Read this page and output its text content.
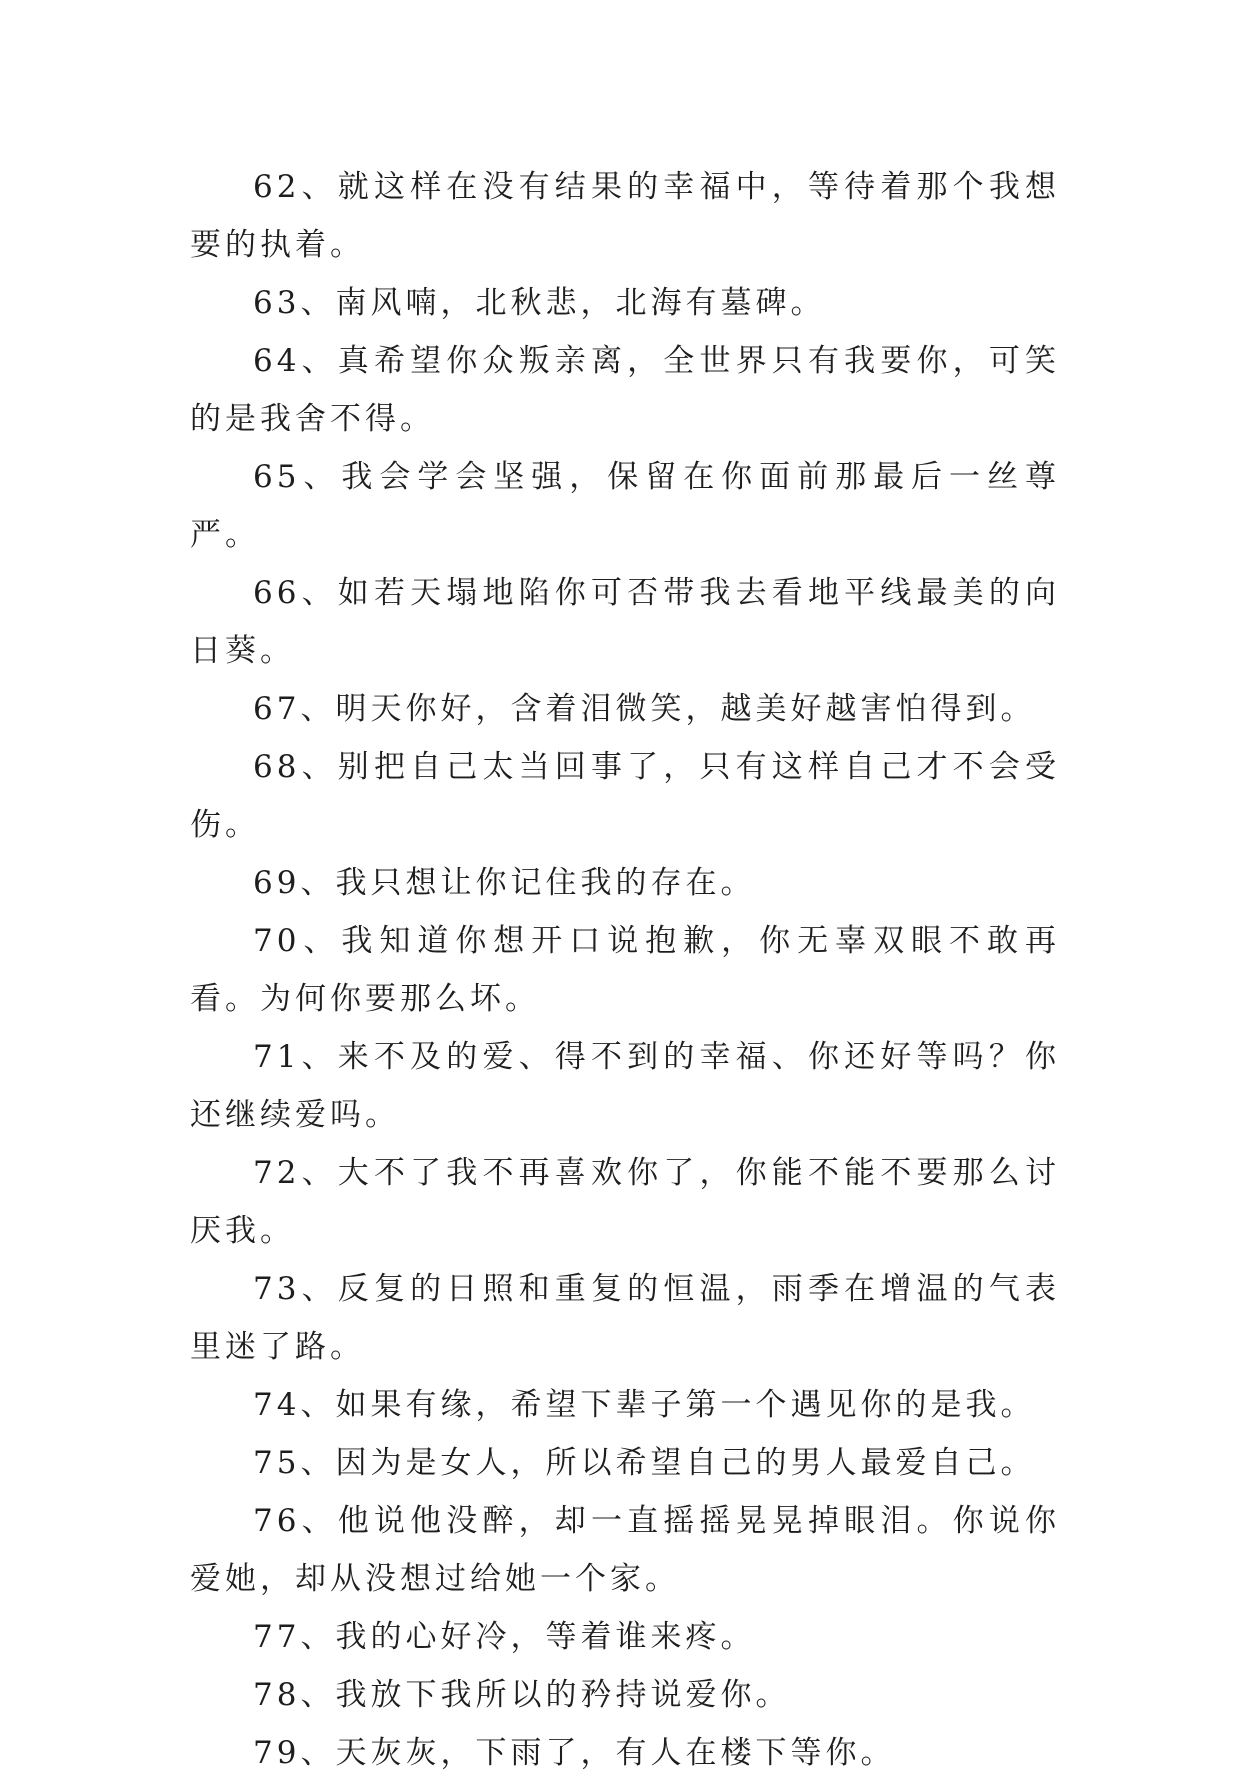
62、就这样在没有结果的幸福中，等待着那个我想要的执着。

63、南风喃，北秋悲，北海有墓碑。

64、真希望你众叛亲离，全世界只有我要你，可笑的是我舍不得。

65、我会学会坚强，保留在你面前那最后一丝尊严。

66、如若天塌地陷你可否带我去看地平线最美的向日葵。

67、明天你好，含着泪微笑，越美好越害怕得到。

68、别把自己太当回事了，只有这样自己才不会受伤。

69、我只想让你记住我的存在。

70、我知道你想开口说抱歉，你无辜双眼不敢再看。为何你要那么坏。

71、来不及的爱、得不到的幸福、你还好等吗？你还继续爱吗。

72、大不了我不再喜欢你了，你能不能不要那么讨厌我。

73、反复的日照和重复的恒温，雨季在增温的气表里迷了路。

74、如果有缘，希望下辈子第一个遇见你的是我。

75、因为是女人，所以希望自己的男人最爱自己。

76、他说他没醉，却一直摇摇晃晃掉眼泪。你说你爱她，却从没想过给她一个家。

77、我的心好冷，等着谁来疼。

78、我放下我所以的矜持说爱你。

79、天灰灰，下雨了，有人在楼下等你。
